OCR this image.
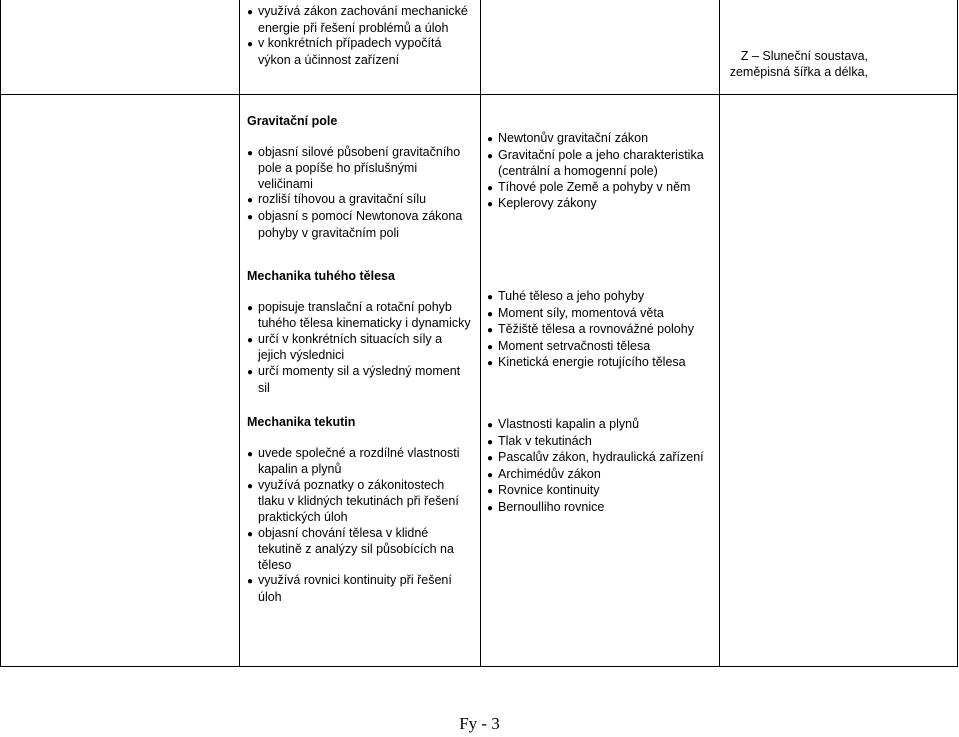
● využívá zákon zachování mechanické energie při řešení problémů a úloh
● v konkrétních případech vypočítá výkon a účinnost zařízení	Z – Sluneční soustava,
zeměpisná šířka a délka,
Gravitační pole
● objasní silové působení gravitačního pole a popíše ho příslušnými veličinami
● rozliší tíhovou a gravitační sílu
● objasní s pomocí Newtonova zákona pohyby v gravitačním poli
● Newtonův gravitační zákon
● Gravitační pole a jeho charakteristika (centrální a homogenní pole)
● Tíhové pole Země a pohyby v něm
● Keplerovy zákony
Mechanika tuhého tělesa
● popisuje translační a rotační pohyb tuhého tělesa kinematicky i dynamicky
● určí v konkrétních situacích síly a jejich výslednici
● určí momenty sil a výsledný moment sil
● Tuhé těleso a jeho pohyby
● Moment síly, momentová věta
● Těžiště tělesa a rovnovážné polohy
● Moment setrvačnosti tělesa
● Kinetická energie rotujícího tělesa
Mechanika tekutin
● uvede společné a rozdílné vlastnosti kapalin a plynů
● využívá poznatky o zákonitostech tlaku v klidných tekutinách při řešení praktických úloh
● objasní chování tělesa v klidné tekutině z analýzy sil působících na těleso
● využívá rovnici kontinuity při řešení úloh
● Vlastnosti kapalin a plynů
● Tlak v tekutinách
● Pascalův zákon, hydraulická zařízení
● Archimédův zákon
● Rovnice kontinuity
● Bernoulliho rovnice
Fy - 3
